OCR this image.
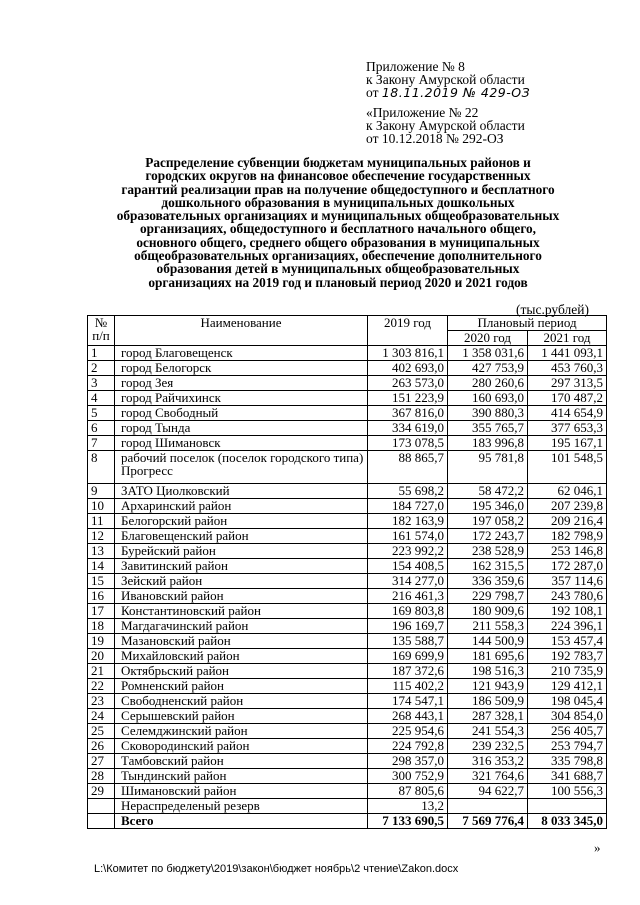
Приложение № 8
к Закону Амурской области
от 18.11.2019 № 429-ОЗ
«Приложение № 22
к Закону Амурской области
от 10.12.2018 № 292-ОЗ
Распределение субвенции бюджетам муниципальных районов и
городских округов на финансовое обеспечение государственных
гарантий реализации прав на получение общедоступного и бесплатного
дошкольного образования в муниципальных дошкольных
образовательных организациях и муниципальных общеобразовательных
организациях, общедоступного и бесплатного начального общего,
основного общего, среднего общего образования в муниципальных
общеобразовательных организациях, обеспечение дополнительного
образования детей в муниципальных общеобразовательных
организациях на 2019 год и плановый период 2020 и 2021 годов
(тыс.рублей)
№
п/п	Наименование	2019 год	Плановый период	
			2020 год	2021 год
1	город Благовещенск	1 303 816,1	1 358 031,6	1 441 093,1
2	город Белогорск	402 693,0	427 753,9	453 760,3
3	город Зея	263 573,0	280 260,6	297 313,5
4	город Райчихинск	151 223,9	160 693,0	170 487,2
5	город Свободный	367 816,0	390 880,3	414 654,9
6	город Тында	334 619,0	355 765,7	377 653,3
7	город Шимановск	173 078,5	183 996,8	195 167,1
8	рабочий поселок (поселок городского типа) Прогресс	88 865,7	95 781,8	101 548,5
9	ЗАТО Циолковский	55 698,2	58 472,2	62 046,1
10	Архаринский район	184 727,0	195 346,0	207 239,8
11	Белогорский район	182 163,9	197 058,2	209 216,4
12	Благовещенский район	161 574,0	172 243,7	182 798,9
13	Бурейский район	223 992,2	238 528,9	253 146,8
14	Завитинский район	154 408,5	162 315,5	172 287,0
15	Зейский район	314 277,0	336 359,6	357 114,6
16	Ивановский район	216 461,3	229 798,7	243 780,6
17	Константиновский район	169 803,8	180 909,6	192 108,1
18	Магдагачинский район	196 169,7	211 558,3	224 396,1
19	Мазановский район	135 588,7	144 500,9	153 457,4
20	Михайловский район	169 699,9	181 695,6	192 783,7
21	Октябрьский район	187 372,6	198 516,3	210 735,9
22	Ромненский район	115 402,2	121 943,9	129 412,1
23	Свободненский район	174 547,1	186 509,9	198 045,4
24	Серышевский район	268 443,1	287 328,1	304 854,0
25	Селемджинский район	225 954,6	241 554,3	256 405,7
26	Сковородинский район	224 792,8	239 232,5	253 794,7
27	Тамбовский район	298 357,0	316 353,2	335 798,8
28	Тындинский район	300 752,9	321 764,6	341 688,7
29	Шимановский район	87 805,6	94 622,7	100 556,3
	Нераспределеный резерв	13,2		
	Всего	7 133 690,5	7 569 776,4	8 033 345,0
»
L:\Комитет по бюджету\2019\закон\бюджет ноябрь\2 чтение\Zakon.docx
